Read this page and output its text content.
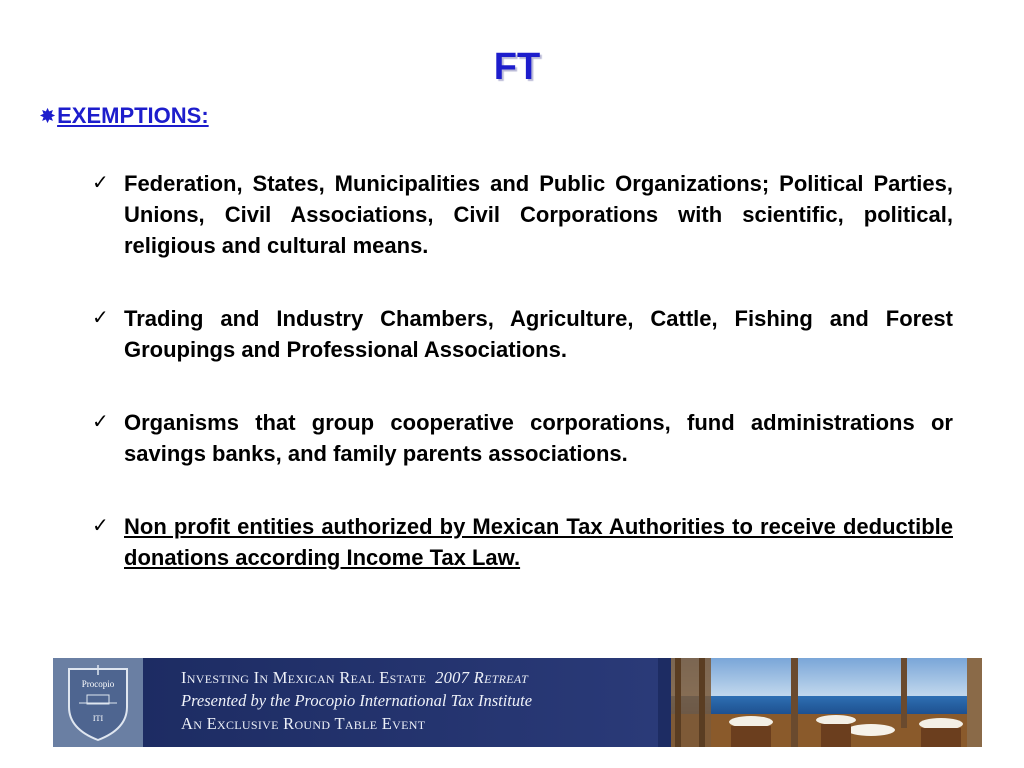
FT
✸ EXEMPTIONS:
✓ Federation, States, Municipalities and Public Organizations; Political Parties, Unions, Civil Associations, Civil Corporations with scientific, political, religious and cultural means.
✓ Trading and Industry Chambers, Agriculture, Cattle, Fishing and Forest Groupings and Professional Associations.
✓ Organisms that group cooperative corporations, fund administrations or savings banks, and family parents associations.
✓ Non profit entities authorized by Mexican Tax Authorities to receive deductible donations according Income Tax Law.
Procopio
ITI
Investing In Mexican Real Estate 2007 Retreat
Presented by the Procopio International Tax Institute
An Exclusive Round Table Event
